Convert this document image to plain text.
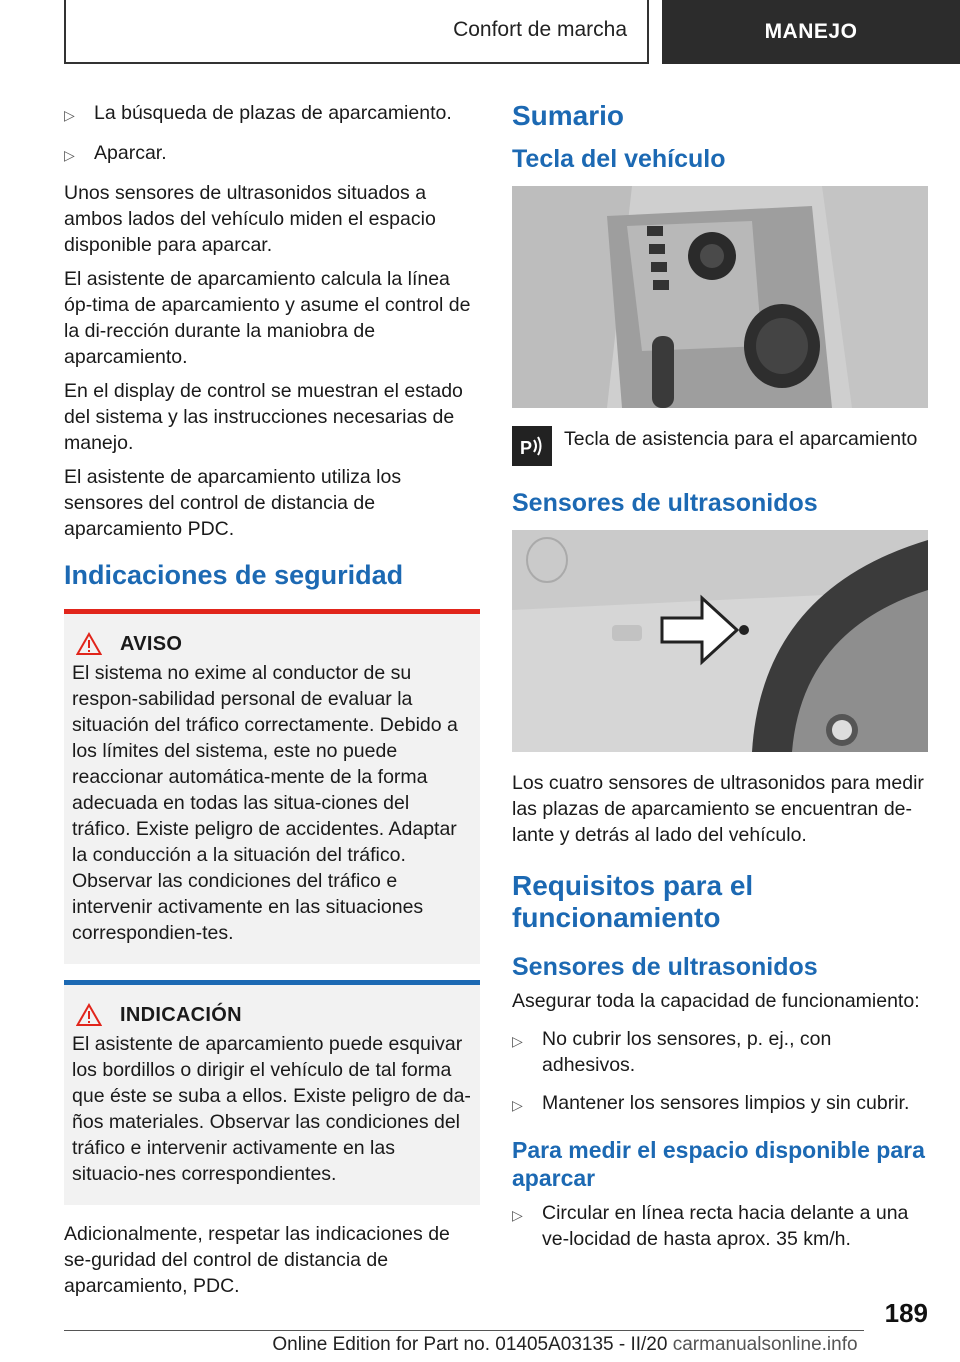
Confort de marcha	MANEJO
▷ La búsqueda de plazas de aparcamiento.
▷ Aparcar.

Unos sensores de ultrasonidos situados a ambos lados del vehículo miden el espacio disponible para aparcar.

El asistente de aparcamiento calcula la línea óp‐tima de aparcamiento y asume el control de la di‐rección durante la maniobra de aparcamiento.

En el display de control se muestran el estado del sistema y las instrucciones necesarias de manejo.

El asistente de aparcamiento utiliza los sensores del control de distancia de aparcamiento PDC.

Indicaciones de seguridad
AVISO
El sistema no exime al conductor de su respon‐sabilidad personal de evaluar la situación del tráfico correctamente. Debido a los límites del sistema, este no puede reaccionar automática‐mente de la forma adecuada en todas las situa‐ciones del tráfico. Existe peligro de accidentes. Adaptar la conducción a la situación del tráfico. Observar las condiciones del tráfico e intervenir activamente en las situaciones correspondien‐tes.
INDICACIÓN
El asistente de aparcamiento puede esquivar los bordillos o dirigir el vehículo de tal forma que éste se suba a ellos. Existe peligro de da‐ños materiales. Observar las condiciones del tráfico e intervenir activamente en las situacio‐nes correspondientes.

Adicionalmente, respetar las indicaciones de se‐guridad del control de distancia de aparcamiento, PDC.

Sumario
Tecla del vehículo
P Tecla de asistencia para el aparcamiento
Sensores de ultrasonidos

Los cuatro sensores de ultrasonidos para medir las plazas de aparcamiento se encuentran de‐lante y detrás al lado del vehículo.

Requisitos para el funcionamiento
Sensores de ultrasonidos

Asegurar toda la capacidad de funcionamiento:

▷ No cubrir los sensores, p. ej., con adhesivos.
▷ Mantener los sensores limpios y sin cubrir.
Para medir el espacio disponible para aparcar
▷ Circular en línea recta hacia delante a una ve‐locidad de hasta aprox. 35 km/h.
189
Online Edition for Part no. 01405A03135 - II/20 carmanualsonline.info
